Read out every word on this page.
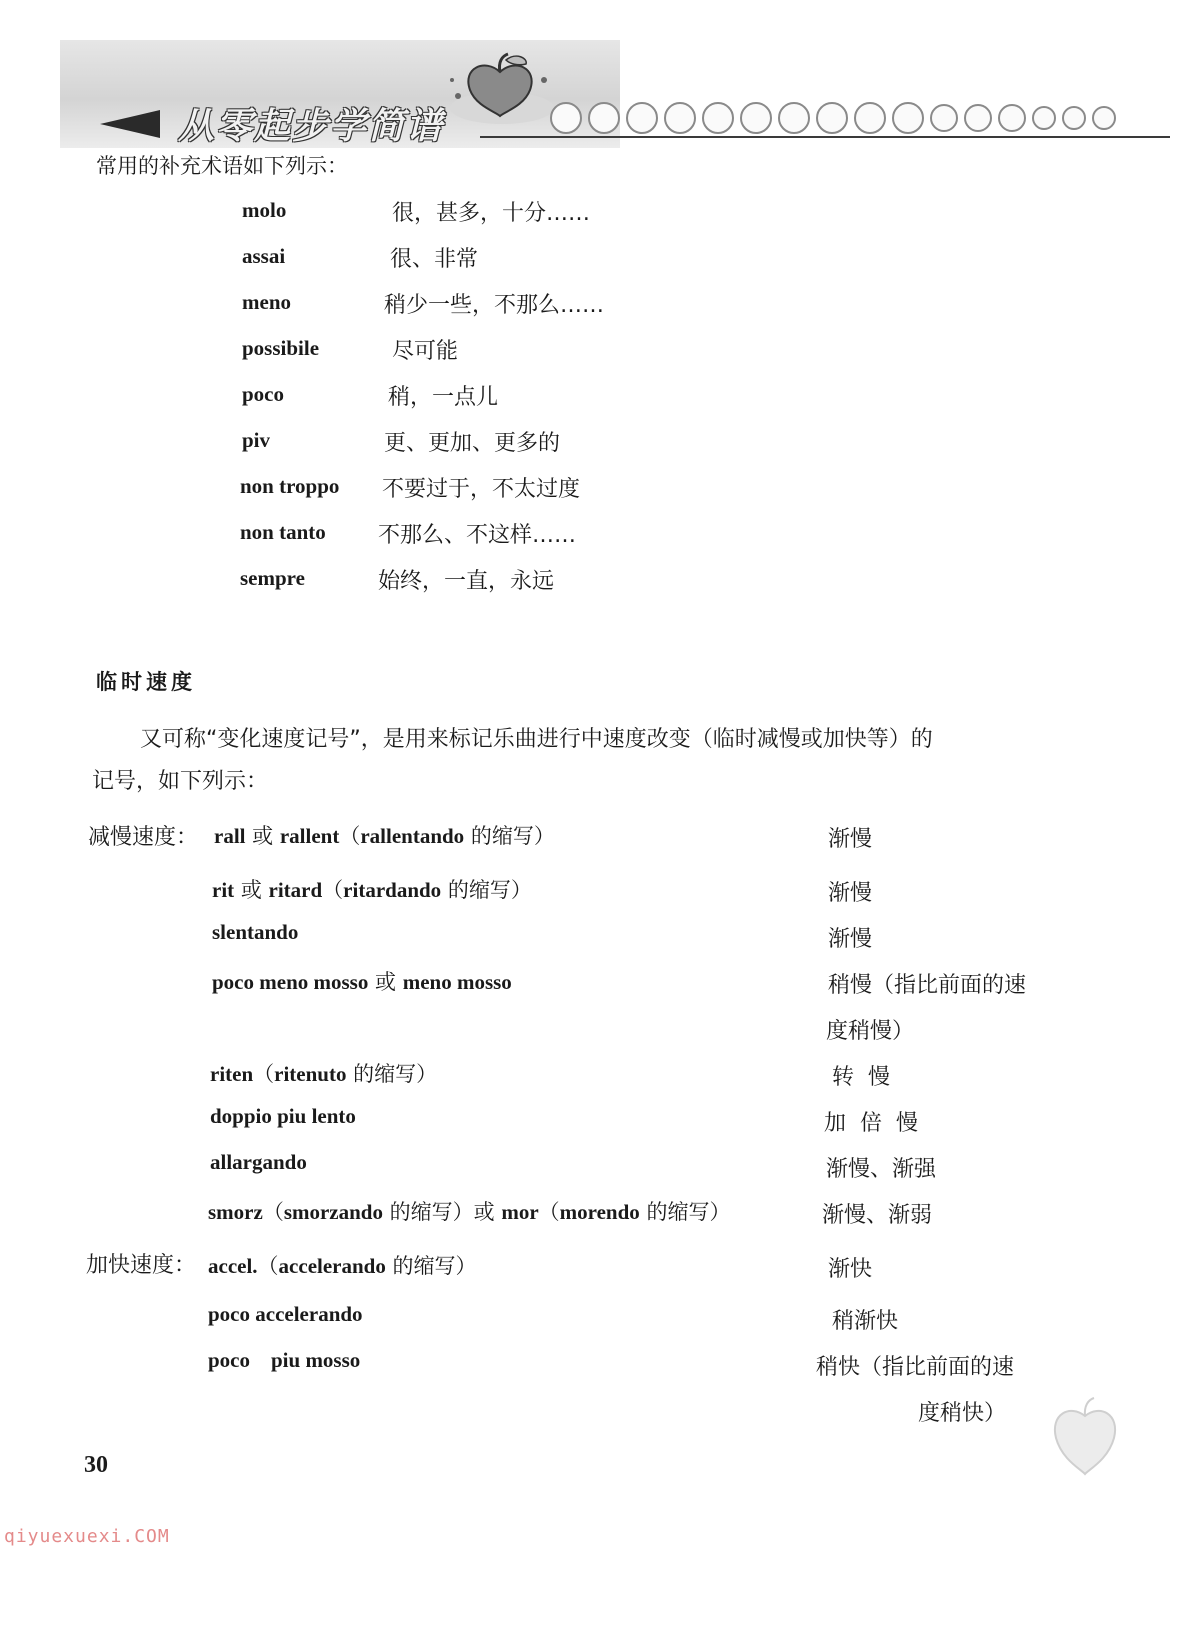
从零起步学简谱
常用的补充术语如下列示：
molo	很，甚多，十分……
assai	很、非常
meno	稍少一些，不那么……
possibile	尽可能
poco	稍，一点儿
piv	更、更加、更多的
non troppo 不要过于，不太过度
non tanto 不那么、不这样……
sempre	始终，一直，永远
临时速度
又可称“变化速度记号”，是用来标记乐曲进行中速度改变（临时减慢或加快等）的
记号，如下列示：
减慢速度： rall 或 rallent（rallentando 的缩写）	渐慢
rit 或 ritard（ritardando 的缩写）	渐慢
slentando	渐慢
poco meno mosso 或 meno mosso	稍慢（指比前面的速
度稍慢）
riten（ritenuto 的缩写）	转  慢
doppio piu lento	加  倍  慢
allargando	渐慢、渐强
smorz（smorzando 的缩写）或 mor（morendo 的缩写）	渐慢、渐弱
加快速度： accel.（accelerando 的缩写）	渐快
poco accelerando	稍渐快
poco    piu mosso	稍快（指比前面的速
度稍快）
30
qiyuexuexi.COM
